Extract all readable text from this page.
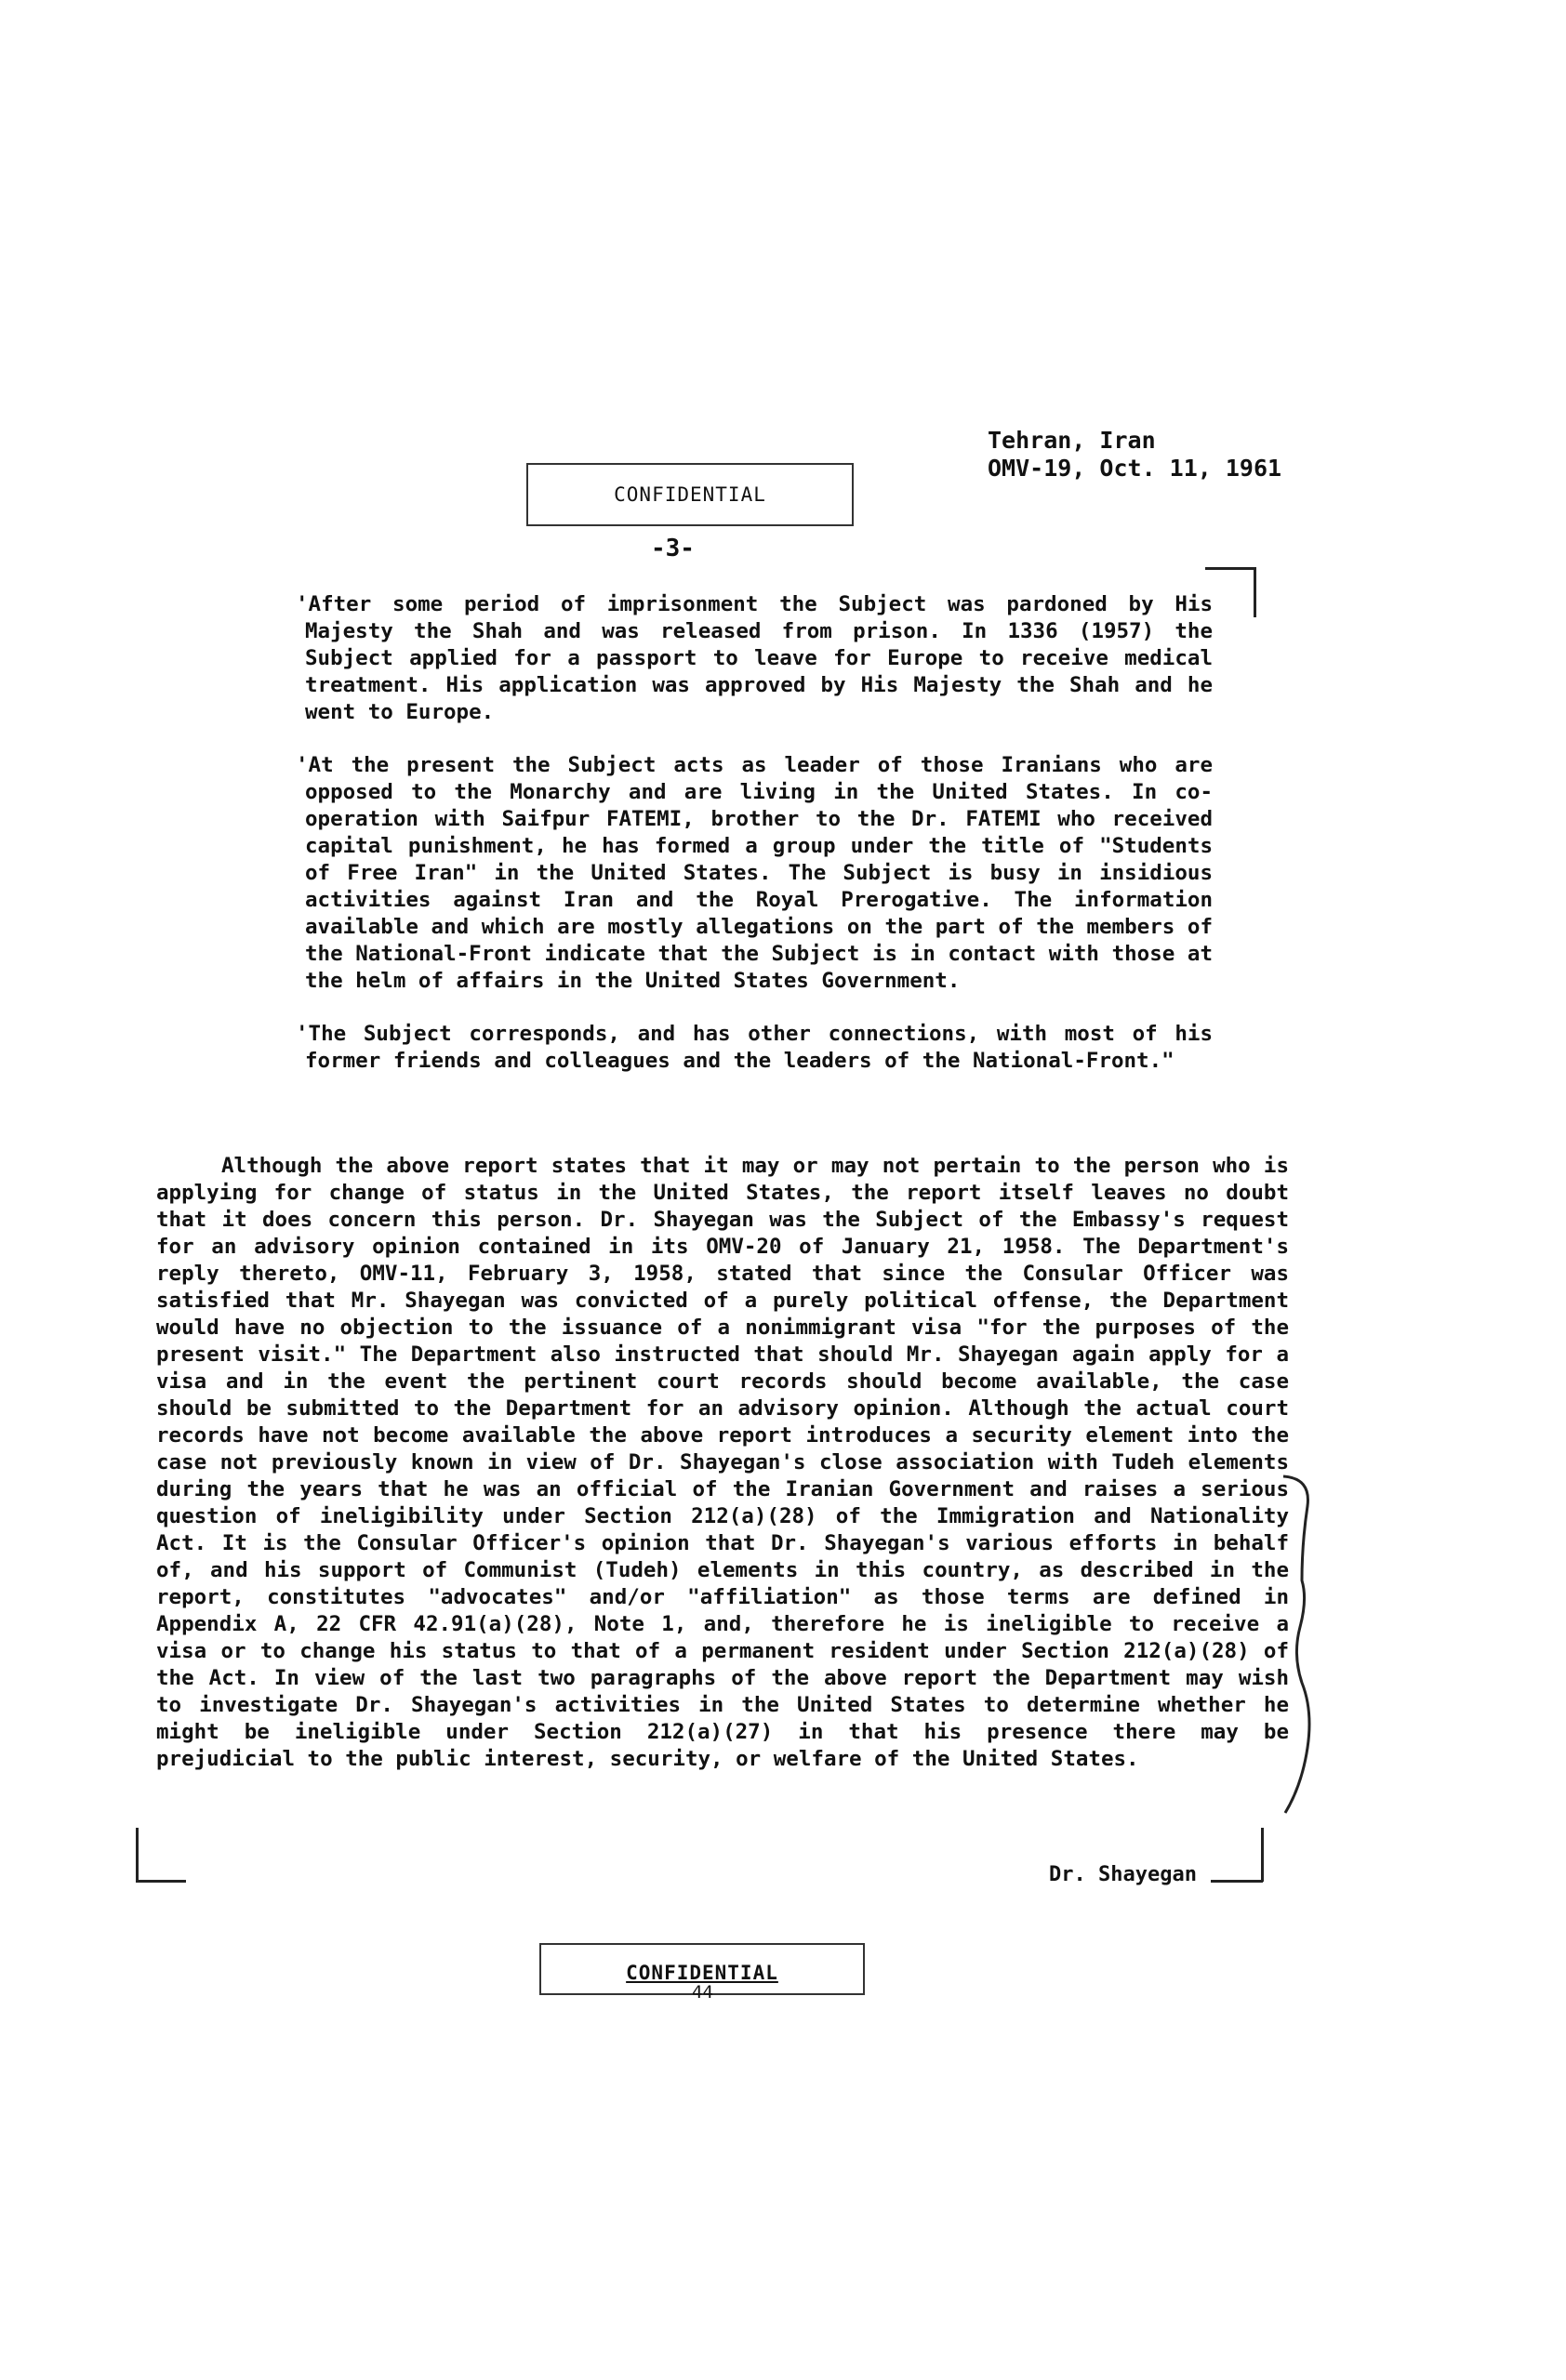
Tehran, Iran
OMV-19, Oct. 11, 1961
CONFIDENTIAL
-3-

'After some period of imprisonment the Subject was pardoned by His Majesty the Shah and was released from prison. In 1336 (1957) the Subject applied for a passport to leave for Europe to receive medical treatment. His application was approved by His Majesty the Shah and he went to Europe.

'At the present the Subject acts as leader of those Iranians who are opposed to the Monarchy and are living in the United States. In co-operation with Saifpur FATEMI, brother to the Dr. FATEMI who received capital punishment, he has formed a group under the title of "Students of Free Iran" in the United States. The Subject is busy in insidious activities against Iran and the Royal Prerogative. The information available and which are mostly allegations on the part of the members of the National-Front indicate that the Subject is in contact with those at the helm of affairs in the United States Government.

'The Subject corresponds, and has other connections, with most of his former friends and colleagues and the leaders of the National-Front."

Although the above report states that it may or may not pertain to the person who is applying for change of status in the United States, the report itself leaves no doubt that it does concern this person. Dr. Shayegan was the Subject of the Embassy's request for an advisory opinion contained in its OMV-20 of January 21, 1958. The Department's reply thereto, OMV-11, February 3, 1958, stated that since the Consular Officer was satisfied that Mr. Shayegan was convicted of a purely political offense, the Department would have no objection to the issuance of a nonimmigrant visa "for the purposes of the present visit." The Department also instructed that should Mr. Shayegan again apply for a visa and in the event the pertinent court records should become available, the case should be submitted to the Department for an advisory opinion. Although the actual court records have not become available the above report introduces a security element into the case not previously known in view of Dr. Shayegan's close association with Tudeh elements during the years that he was an official of the Iranian Government and raises a serious question of ineligibility under Section 212(a)(28) of the Immigration and Nationality Act. It is the Consular Officer's opinion that Dr. Shayegan's various efforts in behalf of, and his support of Communist (Tudeh) elements in this country, as described in the report, constitutes "advocates" and/or "affiliation" as those terms are defined in Appendix A, 22 CFR 42.91(a)(28), Note 1, and, therefore he is ineligible to receive a visa or to change his status to that of a permanent resident under Section 212(a)(28) of the Act. In view of the last two paragraphs of the above report the Department may wish to investigate Dr. Shayegan's activities in the United States to determine whether he might be ineligible under Section 212(a)(27) in that his presence there may be prejudicial to the public interest, security, or welfare of the United States.

Dr. Shayegan
CONFIDENTIAL
44
